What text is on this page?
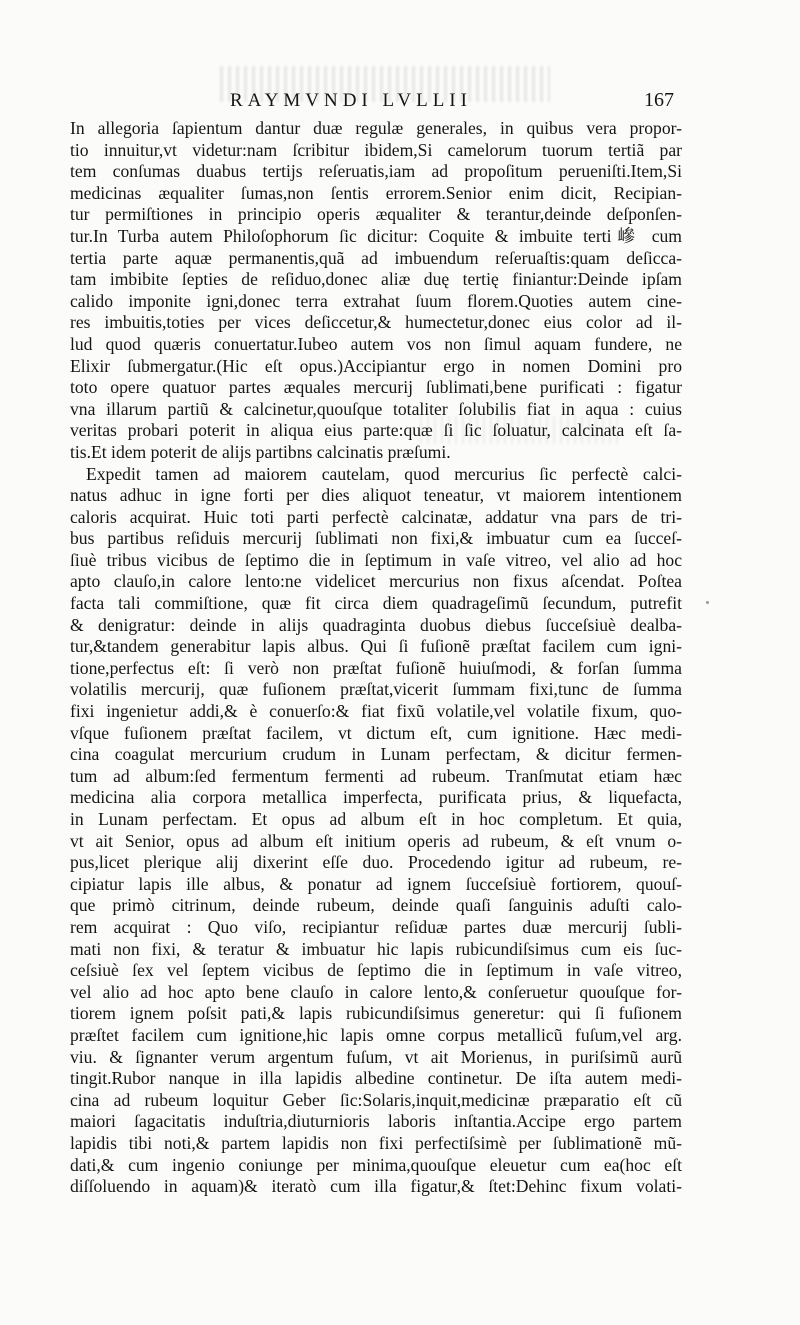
RAYMVNDI LVLLII	167
In allegoria ſapientum dantur duæ regulæ generales, in quibus vera propor-
tio innuitur,vt videtur:nam ſcribitur ibidem,Si camelorum tuorum tertiã par
tem conſumas duabus tertijs reſeruatis,iam ad propoſitum perueniſti.Item,Si
medicinas æqualiter ſumas,non ſentis errorem.Senior enim dicit, Recipian-
tur permiſtiones in principio operis æqualiter & terantur,deinde deſponſen-
tur.In Turba autem Philoſophorum ſic dicitur: Coquite & imbuite terti㠁 cum
tertia parte aquæ permanentis,quã ad imbuendum reſeruaſtis:quam deſicca-
tam imbibite ſepties de reſiduo,donec aliæ duę tertię finiantur:Deinde ipſam
calido imponite igni,donec terra extrahat ſuum florem.Quoties autem cine-
res imbuitis,toties per vices deſiccetur,& humectetur,donec eius color ad il-
lud quod quæris conuertatur.Iubeo autem vos non ſimul aquam fundere, ne
Elixir ſubmergatur.(Hic eſt opus.)Accipiantur ergo in nomen Domini pro
toto opere quatuor partes æquales mercurij ſublimati,bene purificati : figatur
vna illarum partiũ & calcinetur,quouſque totaliter ſolubilis fiat in aqua : cuius
veritas probari poterit in aliqua eius parte:quæ ſi ſic ſoluatur, calcinata eſt ſa-
tis.Et idem poterit de alijs partibns calcinatis præſumi.
Expedit tamen ad maiorem cautelam, quod mercurius ſic perfectè calci-
natus adhuc in igne forti per dies aliquot teneatur, vt maiorem intentionem
caloris acquirat. Huic toti parti perfectè calcinatæ, addatur vna pars de tri-
bus partibus reſiduis mercurij ſublimati non fixi,& imbuatur cum ea ſucceſ-
ſiuè tribus vicibus de ſeptimo die in ſeptimum in vaſe vitreo, vel alio ad hoc
apto clauſo,in calore lento:ne videlicet mercurius non fixus aſcendat. Poſtea
facta tali commiſtione, quæ fit circa diem quadrageſimũ ſecundum, putrefit
& denigratur: deinde in alijs quadraginta duobus diebus ſucceſsiuè dealba-
tur,&tandem generabitur lapis albus. Qui ſi fuſionẽ præſtat facilem cum igni-
tione,perfectus eſt: ſi verò non præſtat fuſionẽ huiuſmodi, & forſan ſumma
volatilis mercurij, quæ fuſionem præſtat,vicerit ſummam fixi,tunc de ſumma
fixi ingenietur addi,& è conuerſo:& fiat fixũ volatile,vel volatile fixum, quo-
vſque fuſionem præſtat facilem, vt dictum eſt, cum ignitione. Hæc medi-
cina coagulat mercurium crudum in Lunam perfectam, & dicitur fermen-
tum ad album:ſed fermentum fermenti ad rubeum. Tranſmutat etiam hæc
medicina alia corpora metallica imperfecta, purificata prius, & liquefacta,
in Lunam perfectam. Et opus ad album eſt in hoc completum. Et quia,
vt ait Senior, opus ad album eſt initium operis ad rubeum, & eſt vnum o-
pus,licet plerique alij dixerint eſſe duo. Procedendo igitur ad rubeum, re-
cipiatur lapis ille albus, & ponatur ad ignem ſucceſsiuè fortiorem, quouſ-
que primò citrinum, deinde rubeum, deinde quaſi ſanguinis aduſti calo-
rem acquirat : Quo viſo, recipiantur reſiduæ partes duæ mercurij ſubli-
mati non fixi, & teratur & imbuatur hic lapis rubicundiſsimus cum eis ſuc-
ceſsiuè ſex vel ſeptem vicibus de ſeptimo die in ſeptimum in vaſe vitreo,
vel alio ad hoc apto bene clauſo in calore lento,& conſeruetur quouſque for-
tiorem ignem poſsit pati,& lapis rubicundiſsimus generetur: qui ſi fuſionem
præſtet facilem cum ignitione,hic lapis omne corpus metallicũ fuſum,vel arg.
viu. & ſignanter verum argentum fuſum, vt ait Morienus, in puriſsimũ aurũ
tingit.Rubor nanque in illa lapidis albedine continetur. De iſta autem medi-
cina ad rubeum loquitur Geber ſic:Solaris,inquit,medicinæ præparatio eſt cũ
maiori ſagacitatis induſtria,diuturnioris laboris inſtantia.Accipe ergo partem
lapidis tibi noti,& partem lapidis non fixi perfectiſsimè per ſublimationẽ mũ-
dati,& cum ingenio coniunge per minima,quouſque eleuetur cum ea(hoc eſt
diſſoluendo in aquam)& iteratò cum illa figatur,& ſtet:Dehinc fixum volati-
